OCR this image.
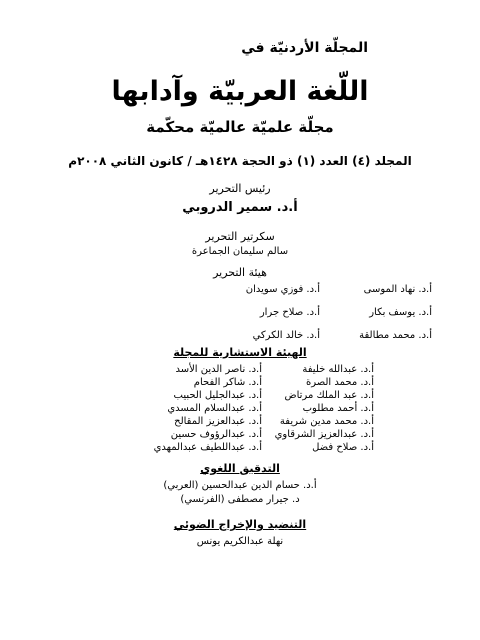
المجلّة الأردنيّة في
اللّغة العربيّة وآدابها
مجلّة علميّة عالميّة محكّمة
المجلد (٤) العدد (١) ذو الحجة ١٤٢٨هـ / كانون الثاني ٢٠٠٨م
رئيس التحرير
أ.د. سمير الدروبي
سكرتير التحرير
سالم سليمان الجماعرة
هيئة التحرير
أ.د. نهاد الموسى
أ.د. فوزي سويدان
أ.د. يوسف بكار
أ.د. صلاح جرار
أ.د. محمد مطالقة
أ.د. خالد الكركي
الهيئة الاستشارية للمجلة
أ.د. عبدالله خليفة
أ.د. ناصر الدين الأسد
أ.د. محمد الصرة
أ.د. شاكر الفحام
أ.د. عبد الملك مرتاض
أ.د. عبدالجليل الحبيب
أ.د. أحمد مطلوب
أ.د. عبدالسلام المسدي
أ.د. محمد مدين شريفة
أ.د. عبدالعزيز المقالح
أ.د. عبدالعزيز الشرقاوي
أ.د. عبدالرؤوف حسين
أ.د. صلاح فضل
أ.د. عبداللطيف عبدالمهدي
التدقيق اللغوي
أ.د. حسام الدين عبدالحسين (العربي)
د. جيرار مصطفى (الفرنسي)
التنضيد والإخراج الضوئي
نهلة عبدالكريم يونس
